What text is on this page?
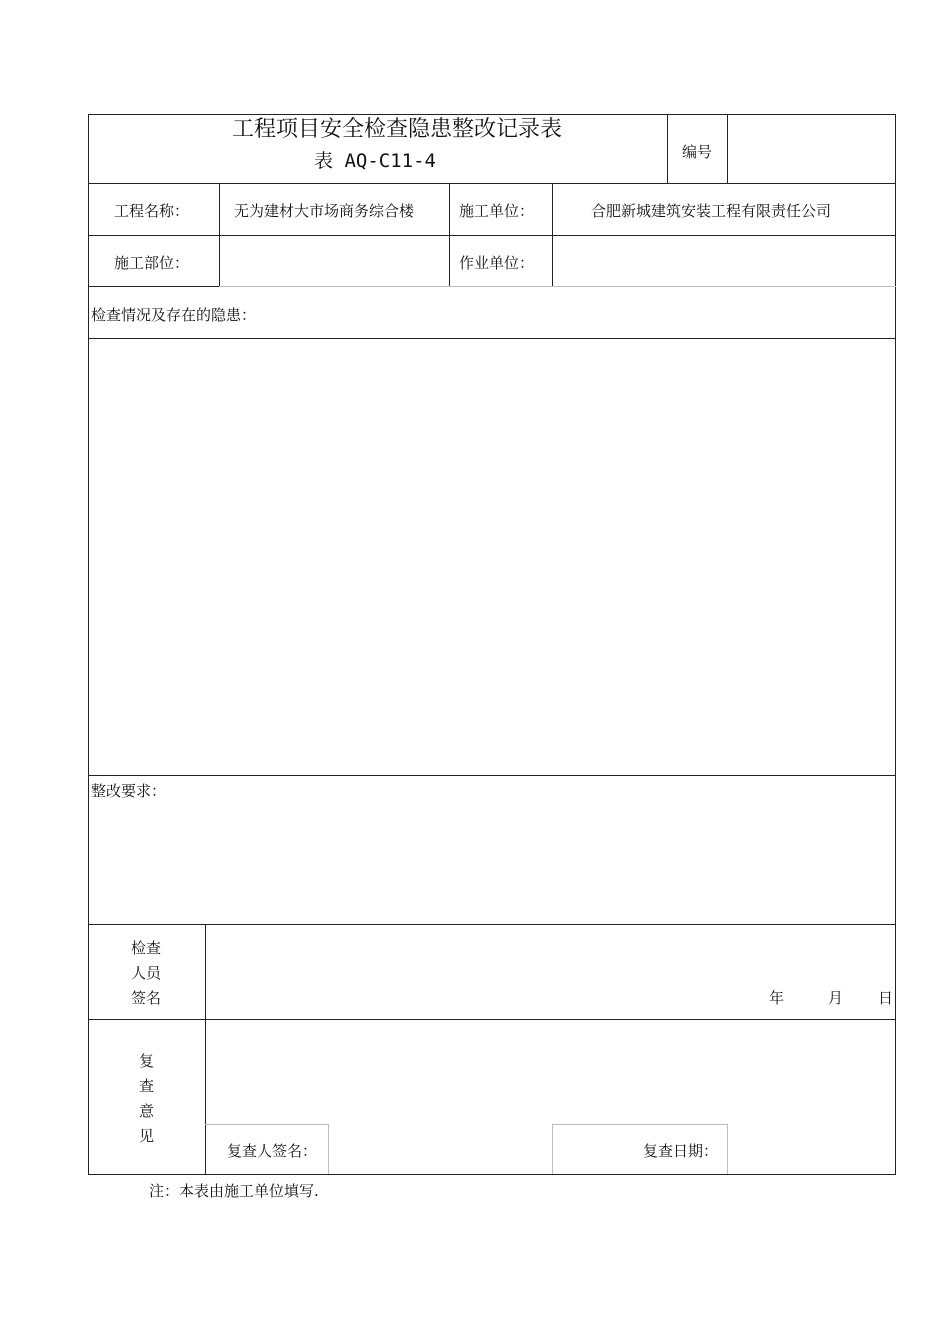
工程项目安全检查隐患整改记录表
表 AQ-C11-4	编号
工程名称：	无为建材大市场商务综合楼	施工单位：	合肥新城建筑安装工程有限责任公司
施工部位：	作业单位：
检查情况及存在的隐患：
整改要求：
检查
人员
签名	年	月 日
复
查
意
见
复查人签名：	复查日期：
注：本表由施工单位填写.
